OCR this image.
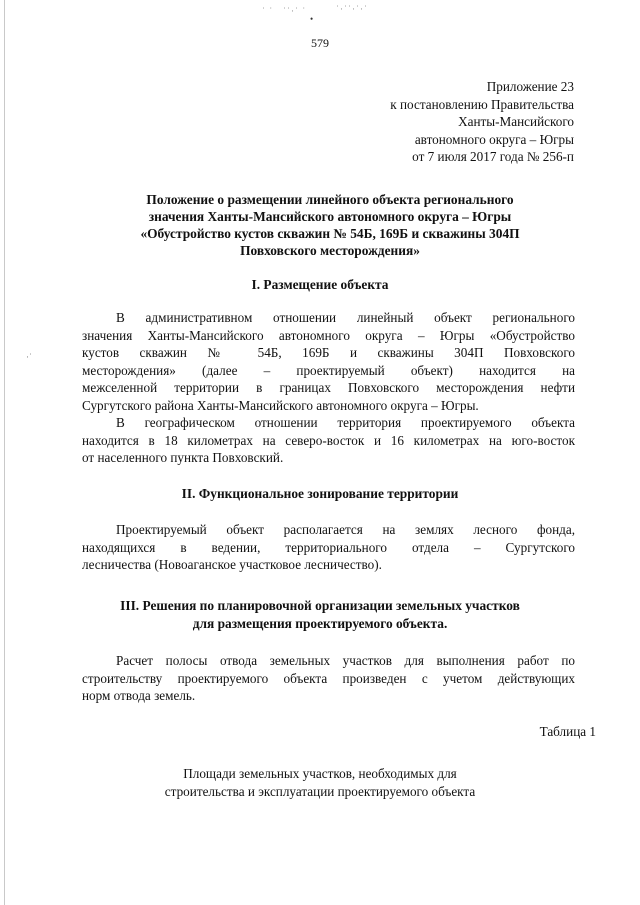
˙ ˙   ˙˙·˙ ˙	˙·˙˙·˙·˙
•
·˙
579
Приложение 23
к постановлению Правительства
Ханты-Мансийского
автономного округа – Югры
от 7 июля 2017 года № 256-п
Положение о размещении линейного объекта регионального
значения Ханты-Мансийского автономного округа – Югры
«Обустройство кустов скважин № 54Б, 169Б и скважины 304П
Повховского месторождения»
I. Размещение объекта
В административном отношении линейный объект регионального
значения Ханты-Мансийского автономного округа – Югры «Обустройство
кустов скважин № 54Б, 169Б и скважины 304П Повховского
месторождения» (далее – проектируемый объект) находится на
межселенной территории в границах Повховского месторождения нефти
Сургутского района Ханты-Мансийского автономного округа – Югры.
В географическом отношении территория проектируемого объекта
находится в 18 километрах на северо-восток и 16 километрах на юго-восток
от населенного пункта Повховский.
II. Функциональное зонирование территории
Проектируемый объект располагается на землях лесного фонда,
находящихся в ведении, территориального отдела – Сургутского
лесничества (Новоаганское участковое лесничество).
III. Решения по планировочной организации земельных участков
для размещения проектируемого объекта.
Расчет полосы отвода земельных участков для выполнения работ по
строительству проектируемого объекта произведен с учетом действующих
норм отвода земель.
Таблица 1
Площади земельных участков, необходимых для
строительства и эксплуатации проектируемого объекта
